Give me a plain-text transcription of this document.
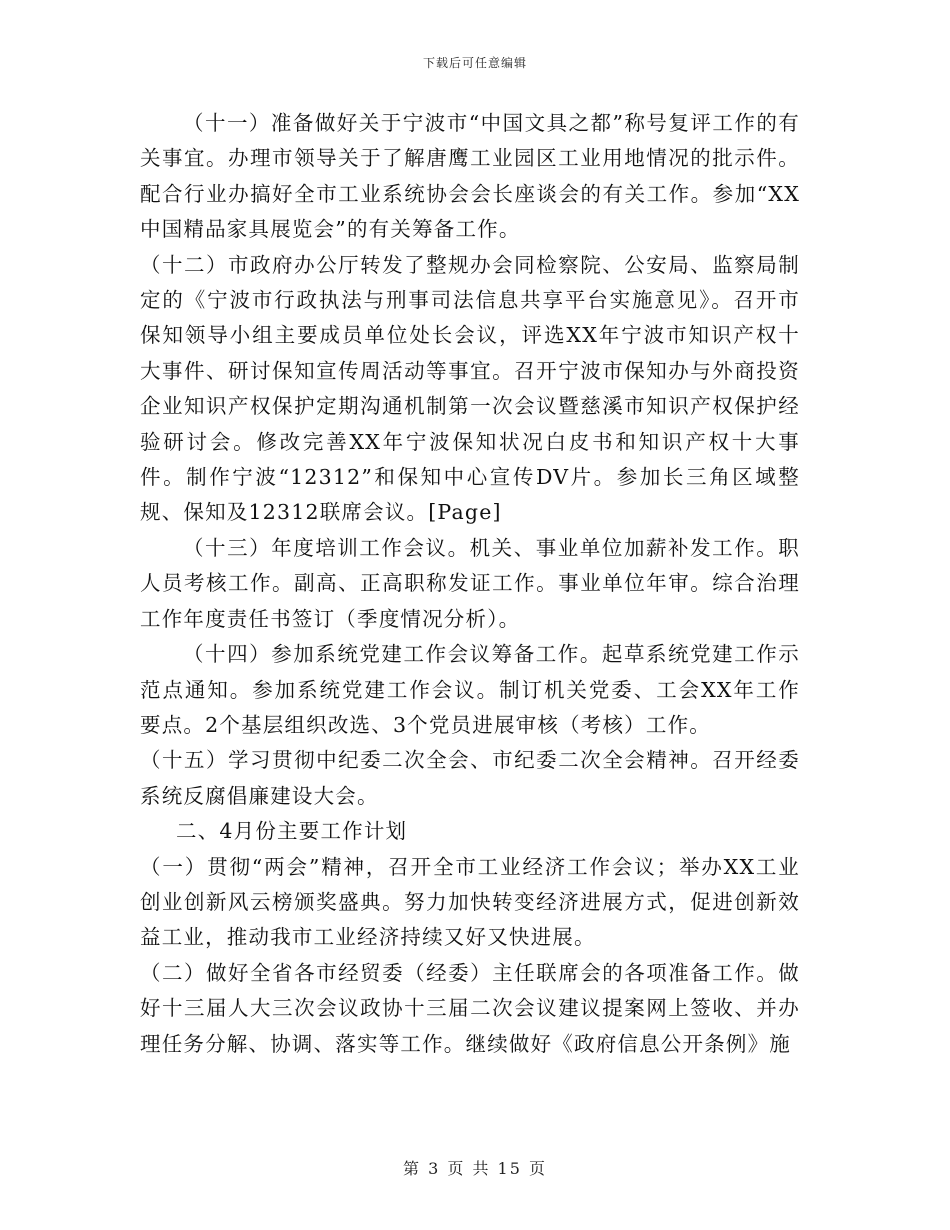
下载后可任意编辑

（十一）准备做好关于宁波市“中国文具之都”称号复评工作的有关事宜。办理市领导关于了解唐鹰工业园区工业用地情况的批示件。配合行业办搞好全市工业系统协会会长座谈会的有关工作。参加“XX中国精品家具展览会”的有关筹备工作。

（十二）市政府办公厅转发了整规办会同检察院、公安局、监察局制定的《宁波市行政执法与刑事司法信息共享平台实施意见》。召开市保知领导小组主要成员单位处长会议，评选XX年宁波市知识产权十大事件、研讨保知宣传周活动等事宜。召开宁波市保知办与外商投资企业知识产权保护定期沟通机制第一次会议暨慈溪市知识产权保护经验研讨会。修改完善XX年宁波保知状况白皮书和知识产权十大事件。制作宁波“12312”和保知中心宣传DV片。参加长三角区域整规、保知及12312联席会议。[Page]

（十三）年度培训工作会议。机关、事业单位加薪补发工作。职人员考核工作。副高、正高职称发证工作。事业单位年审。综合治理工作年度责任书签订（季度情况分析）。

（十四）参加系统党建工作会议筹备工作。起草系统党建工作示范点通知。参加系统党建工作会议。制订机关党委、工会XX年工作要点。2个基层组织改选、3个党员进展审核（考核）工作。

（十五）学习贯彻中纪委二次全会、市纪委二次全会精神。召开经委系统反腐倡廉建设大会。

二、4月份主要工作计划

（一）贯彻“两会”精神，召开全市工业经济工作会议；举办XX工业创业创新风云榜颁奖盛典。努力加快转变经济进展方式，促进创新效益工业，推动我市工业经济持续又好又快进展。

（二）做好全省各市经贸委（经委）主任联席会的各项准备工作。做好十三届人大三次会议政协十三届二次会议建议提案网上签收、并办理任务分解、协调、落实等工作。继续做好《政府信息公开条例》施

第 3 页 共 15 页
